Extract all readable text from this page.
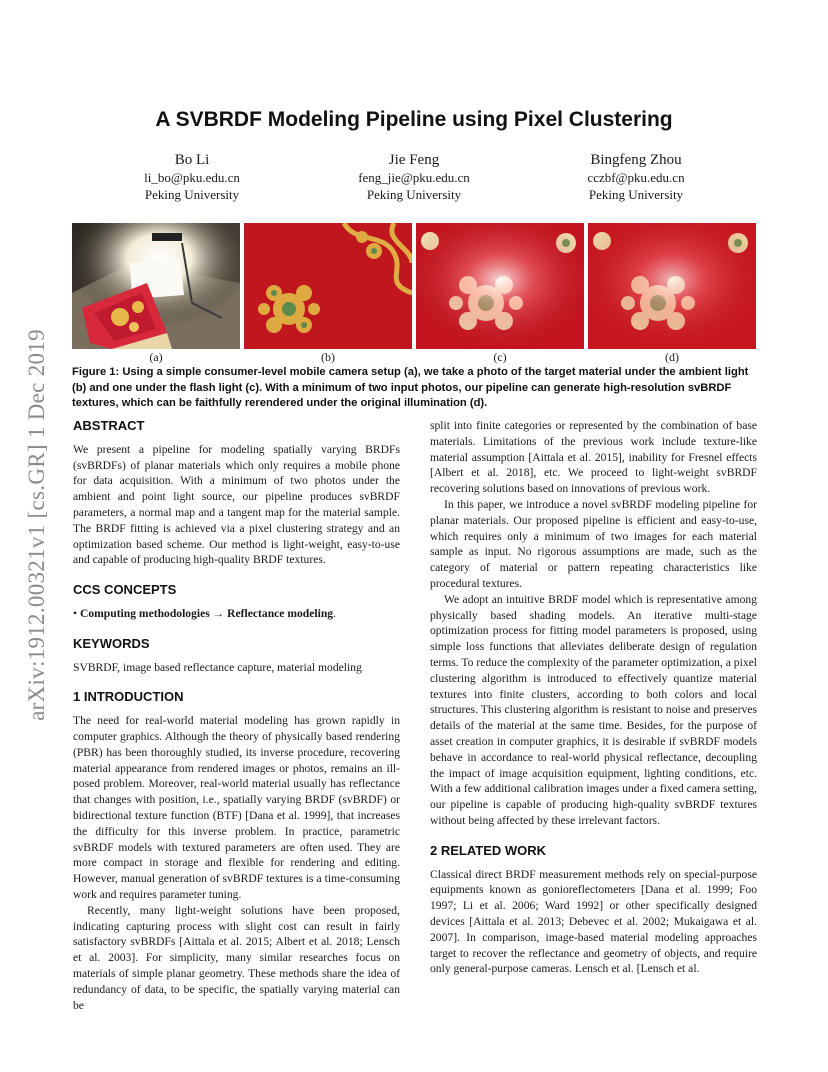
arXiv:1912.00321v1 [cs.GR] 1 Dec 2019
A SVBRDF Modeling Pipeline using Pixel Clustering
Bo Li
li_bo@pku.edu.cn
Peking University
Jie Feng
feng_jie@pku.edu.cn
Peking University
Bingfeng Zhou
cczbf@pku.edu.cn
Peking University
(a)	(b)	(c)	(d)

Figure 1: Using a simple consumer-level mobile camera setup (a), we take a photo of the target material under the ambient light (b) and one under the flash light (c). With a minimum of two input photos, our pipeline can generate high-resolution svBRDF textures, which can be faithfully rerendered under the original illumination (d).

ABSTRACT

We present a pipeline for modeling spatially varying BRDFs (svBRDFs) of planar materials which only requires a mobile phone for data acquisition. With a minimum of two photos under the ambient and point light source, our pipeline produces svBRDF parameters, a normal map and a tangent map for the material sample. The BRDF fitting is achieved via a pixel clustering strategy and an optimization based scheme. Our method is light-weight, easy-to-use and capable of producing high-quality BRDF textures.

CCS CONCEPTS

• Computing methodologies → Reflectance modeling.

KEYWORDS

SVBRDF, image based reflectance capture, material modeling

1 INTRODUCTION

The need for real-world material modeling has grown rapidly in computer graphics. Although the theory of physically based rendering (PBR) has been thoroughly studied, its inverse procedure, recovering material appearance from rendered images or photos, remains an ill-posed problem. Moreover, real-world material usually has reflectance that changes with position, i.e., spatially varying BRDF (svBRDF) or bidirectional texture function (BTF) [Dana et al. 1999], that increases the difficulty for this inverse problem. In practice, parametric svBRDF models with textured parameters are often used. They are more compact in storage and flexible for rendering and editing. However, manual generation of svBRDF textures is a time-consuming work and requires parameter tuning.

Recently, many light-weight solutions have been proposed, indicating capturing process with slight cost can result in fairly satisfactory svBRDFs [Aittala et al. 2015; Albert et al. 2018; Lensch et al. 2003]. For simplicity, many similar researches focus on materials of simple planar geometry. These methods share the idea of redundancy of data, to be specific, the spatially varying material can be

split into finite categories or represented by the combination of base materials. Limitations of the previous work include texture-like material assumption [Aittala et al. 2015], inability for Fresnel effects [Albert et al. 2018], etc. We proceed to light-weight svBRDF recovering solutions based on innovations of previous work.

In this paper, we introduce a novel svBRDF modeling pipeline for planar materials. Our proposed pipeline is efficient and easy-to-use, which requires only a minimum of two images for each material sample as input. No rigorous assumptions are made, such as the category of material or pattern repeating characteristics like procedural textures.

We adopt an intuitive BRDF model which is representative among physically based shading models. An iterative multi-stage optimization process for fitting model parameters is proposed, using simple loss functions that alleviates deliberate design of regulation terms. To reduce the complexity of the parameter optimization, a pixel clustering algorithm is introduced to effectively quantize material textures into finite clusters, according to both colors and local structures. This clustering algorithm is resistant to noise and preserves details of the material at the same time. Besides, for the purpose of asset creation in computer graphics, it is desirable if svBRDF models behave in accordance to real-world physical reflectance, decoupling the impact of image acquisition equipment, lighting conditions, etc. With a few additional calibration images under a fixed camera setting, our pipeline is capable of producing high-quality svBRDF textures without being affected by these irrelevant factors.

2 RELATED WORK

Classical direct BRDF measurement methods rely on special-purpose equipments known as gonioreflectometers [Dana et al. 1999; Foo 1997; Li et al. 2006; Ward 1992] or other specifically designed devices [Aittala et al. 2013; Debevec et al. 2002; Mukaigawa et al. 2007]. In comparison, image-based material modeling approaches target to recover the reflectance and geometry of objects, and require only general-purpose cameras. Lensch et al. [Lensch et al.
